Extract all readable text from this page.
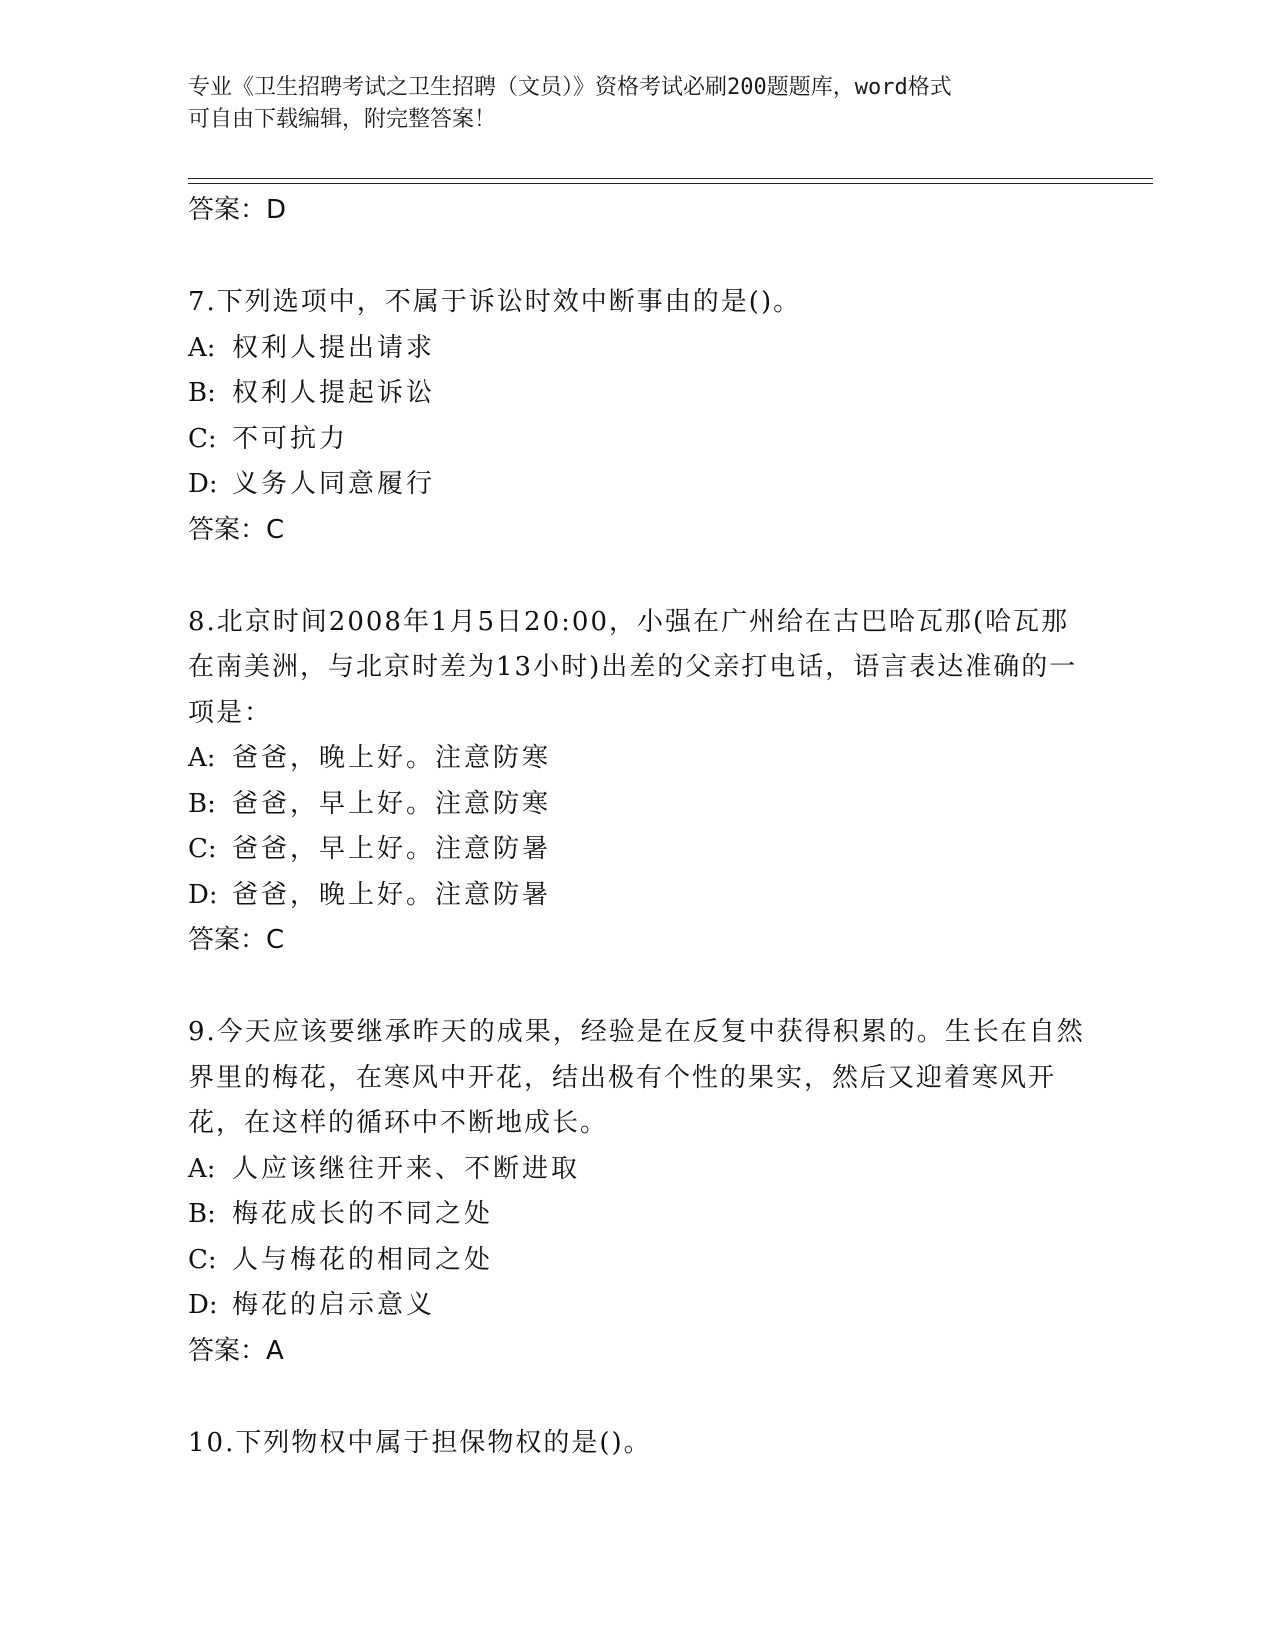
专业《卫生招聘考试之卫生招聘（文员）》资格考试必刷200题题库，word格式
可自由下载编辑，附完整答案！
答案：D

7.下列选项中，不属于诉讼时效中断事由的是()。

A: 权利人提出请求
B: 权利人提起诉讼
C: 不可抗力
D: 义务人同意履行
答案：C

8.北京时间2008年1月5日20:00，小强在广州给在古巴哈瓦那(哈瓦那在南美洲，与北京时差为13小时)出差的父亲打电话，语言表达准确的一项是：

A: 爸爸，晚上好。注意防寒
B: 爸爸，早上好。注意防寒
C: 爸爸，早上好。注意防暑
D: 爸爸，晚上好。注意防暑
答案：C

9.今天应该要继承昨天的成果，经验是在反复中获得积累的。生长在自然界里的梅花，在寒风中开花，结出极有个性的果实，然后又迎着寒风开花，在这样的循环中不断地成长。

A: 人应该继往开来、不断进取
B: 梅花成长的不同之处
C: 人与梅花的相同之处
D: 梅花的启示意义
答案：A

10.下列物权中属于担保物权的是()。
